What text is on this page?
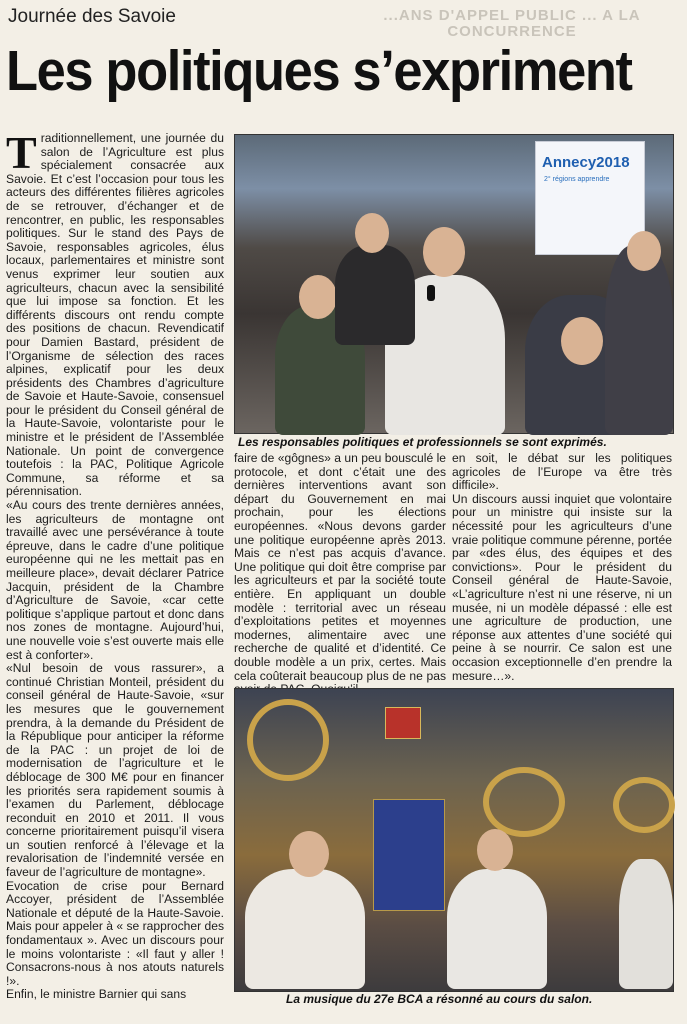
Journée des Savoie	...ANS D'APPEL PUBLIC ... A LA CONCURRENCE
Les politiques s’expriment
T raditionnellement, une journée du salon de l’Agriculture est plus spécialement consacrée aux Savoie. Et c’est l’occasion pour tous les acteurs des différentes filières agricoles de se retrouver, d’échanger et de rencontrer, en public, les responsables politiques. Sur le stand des Pays de Savoie, responsables agricoles, élus locaux, parlementaires et ministre sont venus exprimer leur soutien aux agriculteurs, chacun avec la sensibilité que lui impose sa fonction. Et les différents discours ont rendu compte des positions de chacun. Revendicatif pour Damien Bastard, président de l’Organisme de sélection des races alpines, explicatif pour les deux présidents des Chambres d’agriculture de Savoie et Haute-Savoie, consensuel pour le président du Conseil général de la Haute-Savoie, volontariste pour le ministre et le président de l’Assemblée Nationale. Un point de convergence toutefois : la PAC, Politique Agricole Commune, sa réforme et sa pérennisation.

«Au cours des trente dernières années, les agriculteurs de montagne ont travaillé avec une persévérance à toute épreuve, dans le cadre d’une politique européenne qui ne les mettait pas en meilleure place», devait déclarer Patrice Jacquin, président de la Chambre d’Agriculture de Savoie, «car cette politique s’applique partout et donc dans nos zones de montagne. Aujourd’hui, une nouvelle voie s’est ouverte mais elle est à conforter».

«Nul besoin de vous rassurer», a continué Christian Monteil, président du conseil général de Haute-Savoie, «sur les mesures que le gouvernement prendra, à la demande du Président de la République pour anticiper la réforme de la PAC : un projet de loi de modernisation de l’agriculture et le déblocage de 300 M€ pour en financer les priorités sera rapidement soumis à l’examen du Parlement, déblocage reconduit en 2010 et 2011. Il vous concerne prioritairement puisqu’il visera un soutien renforcé à l’élevage et la revalorisation de l’indemnité versée en faveur de l’agriculture de montagne».

Evocation de crise pour Bernard Accoyer, président de l’Assemblée Nationale et député de la Haute-Savoie. Mais pour appeler à « se rapprocher des fondamentaux ». Avec un discours pour le moins volontariste : «Il faut y aller ! Consacrons-nous à nos atouts naturels !».

Enfin, le ministre Barnier qui sans

Annecy2018
2° régions apprendre
Les responsables politiques et professionnels se sont exprimés.

faire de «gôgnes» a un peu bousculé le protocole, et dont c’était une des dernières interventions avant son départ du Gouvernement en mai prochain, pour les élections européennes. «Nous devons garder une politique européenne après 2013. Mais ce n’est pas acquis d’avance. Une politique qui doit être comprise par les agriculteurs et par la société toute entière. En appliquant un double modèle : territorial avec un réseau d’exploitations petites et moyennes modernes, alimentaire avec une recherche de qualité et d’identité. Ce double modèle a un prix, certes. Mais cela coûterait beaucoup plus de ne pas

en soit, le débat sur les politiques agricoles de l’Europe va être très difficile».

Un discours aussi inquiet que volontaire pour un ministre qui insiste sur la nécessité pour les agriculteurs d’une vraie politique commune pérenne, portée par «des élus, des équipes et des convictions». Pour le président du Conseil général de Haute-Savoie, «L’agriculture n’est ni une réserve, ni un musée, ni un modèle dépassé : elle est une agriculture de production, une réponse aux attentes d’une société qui peine à se nourrir. Ce salon est une occasion exceptionnelle d’en prendre la mesure…».

La musique du 27e BCA a résonné au cours du salon.
